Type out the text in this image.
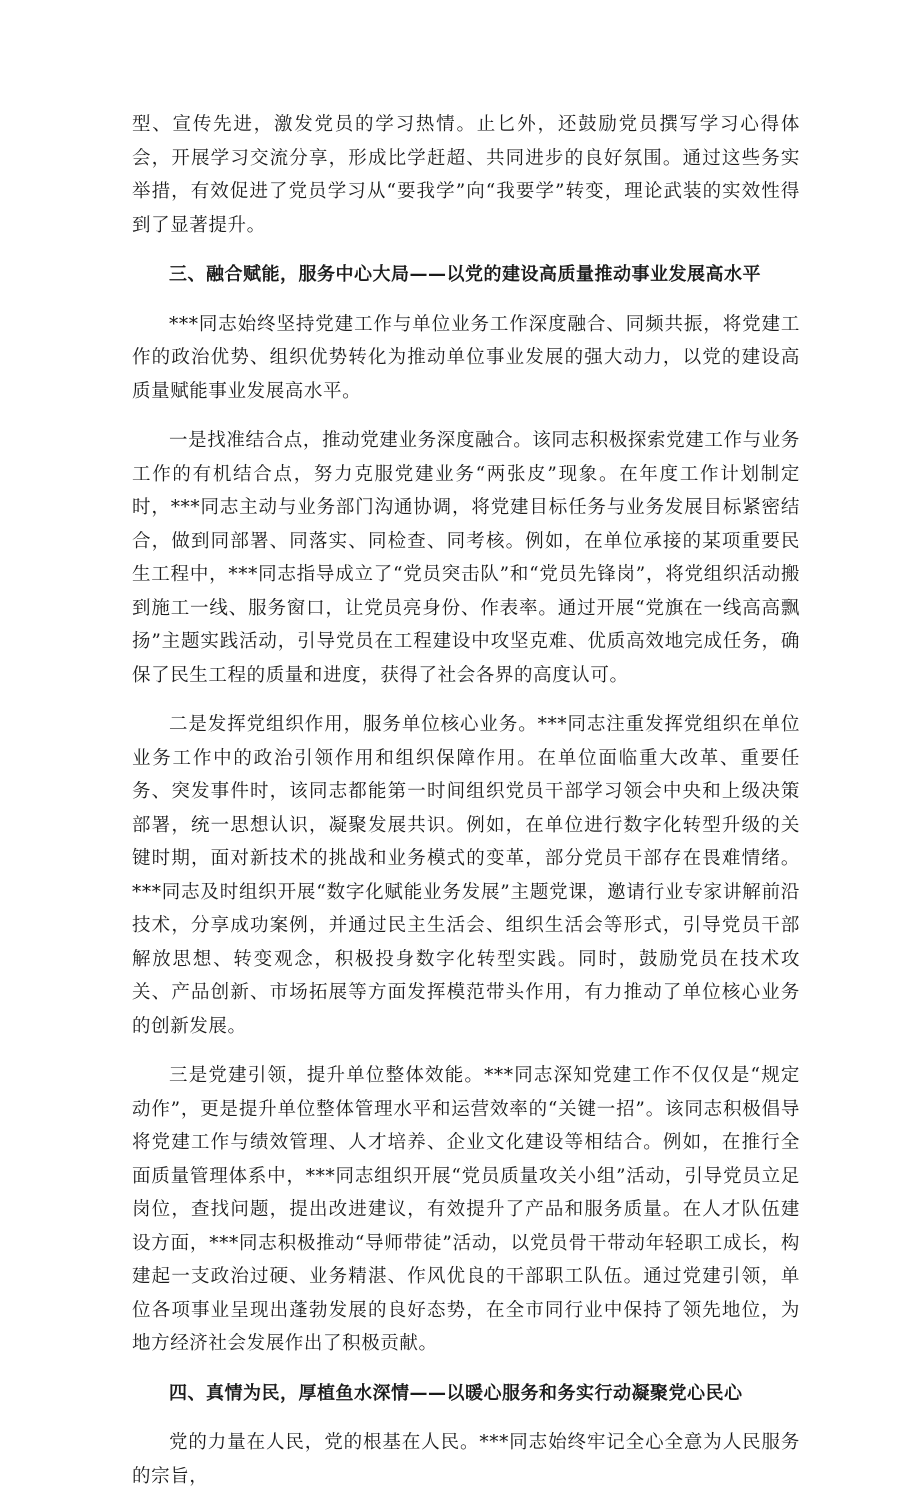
型、宣传先进，激发党员的学习热情。止匕外，还鼓励党员撰写学习心得体会，开展学习交流分享，形成比学赶超、共同进步的良好氛围。通过这些务实举措，有效促进了党员学习从“要我学”向“我要学”转变，理论武装的实效性得到了显著提升。

三、融合赋能，服务中心大局——以党的建设高质量推动事业发展高水平

***同志始终坚持党建工作与单位业务工作深度融合、同频共振，将党建工作的政治优势、组织优势转化为推动单位事业发展的强大动力，以党的建设高质量赋能事业发展高水平。

一是找准结合点，推动党建业务深度融合。该同志积极探索党建工作与业务工作的有机结合点，努力克服党建业务“两张皮”现象。在年度工作计划制定时，***同志主动与业务部门沟通协调，将党建目标任务与业务发展目标紧密结合，做到同部署、同落实、同检查、同考核。例如，在单位承接的某项重要民生工程中，***同志指导成立了“党员突击队”和“党员先锋岗”，将党组织活动搬到施工一线、服务窗口，让党员亮身份、作表率。通过开展“党旗在一线高高飘扬”主题实践活动，引导党员在工程建设中攻坚克难、优质高效地完成任务，确保了民生工程的质量和进度，获得了社会各界的高度认可。

二是发挥党组织作用，服务单位核心业务。***同志注重发挥党组织在单位业务工作中的政治引领作用和组织保障作用。在单位面临重大改革、重要任务、突发事件时，该同志都能第一时间组织党员干部学习领会中央和上级决策部署，统一思想认识，凝聚发展共识。例如，在单位进行数字化转型升级的关键时期，面对新技术的挑战和业务模式的变革，部分党员干部存在畏难情绪。***同志及时组织开展“数字化赋能业务发展”主题党课，邀请行业专家讲解前沿技术，分享成功案例，并通过民主生活会、组织生活会等形式，引导党员干部解放思想、转变观念，积极投身数字化转型实践。同时，鼓励党员在技术攻关、产品创新、市场拓展等方面发挥模范带头作用，有力推动了单位核心业务的创新发展。

三是党建引领，提升单位整体效能。***同志深知党建工作不仅仅是“规定动作”，更是提升单位整体管理水平和运营效率的“关键一招”。该同志积极倡导将党建工作与绩效管理、人才培养、企业文化建设等相结合。例如，在推行全面质量管理体系中，***同志组织开展“党员质量攻关小组”活动，引导党员立足岗位，查找问题，提出改进建议，有效提升了产品和服务质量。在人才队伍建设方面，***同志积极推动“导师带徒”活动，以党员骨干带动年轻职工成长，构建起一支政治过硬、业务精湛、作风优良的干部职工队伍。通过党建引领，单位各项事业呈现出蓬勃发展的良好态势，在全市同行业中保持了领先地位，为地方经济社会发展作出了积极贡献。

四、真情为民，厚植鱼水深情——以暖心服务和务实行动凝聚党心民心

党的力量在人民，党的根基在人民。***同志始终牢记全心全意为人民服务的宗旨，
